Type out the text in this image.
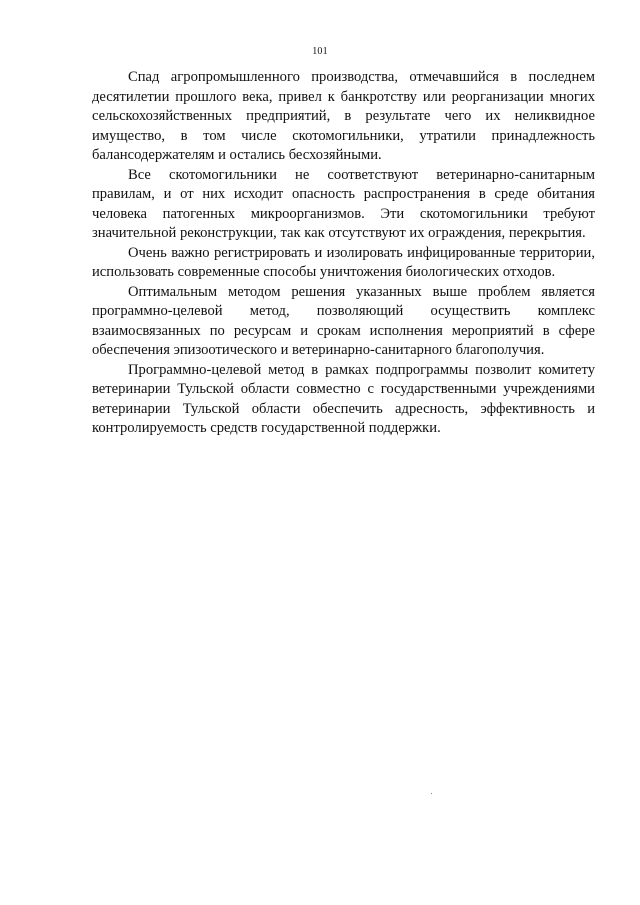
101

Спад агропромышленного производства, отмечавшийся в последнем десятилетии прошлого века, привел к банкротству или реорганизации многих сельскохозяйственных предприятий, в результате чего их неликвидное имущество, в том числе скотомогильники, утратили принадлежность балансодержателям и остались бесхозяйными.

Все скотомогильники не соответствуют ветеринарно-санитарным правилам, и от них исходит опасность распространения в среде обитания человека патогенных микроорганизмов. Эти скотомогильники требуют значительной реконструкции, так как отсутствуют их ограждения, перекрытия.

Очень важно регистрировать и изолировать инфицированные территории, использовать современные способы уничтожения биологических отходов.

Оптимальным методом решения указанных выше проблем является программно-целевой метод, позволяющий осуществить комплекс взаимосвязанных по ресурсам и срокам исполнения мероприятий в сфере обеспечения эпизоотического и ветеринарно-санитарного благополучия.

Программно-целевой метод в рамках подпрограммы позволит комитету ветеринарии Тульской области совместно с государственными учреждениями ветеринарии Тульской области обеспечить адресность, эффективность и контролируемость средств государственной поддержки.
